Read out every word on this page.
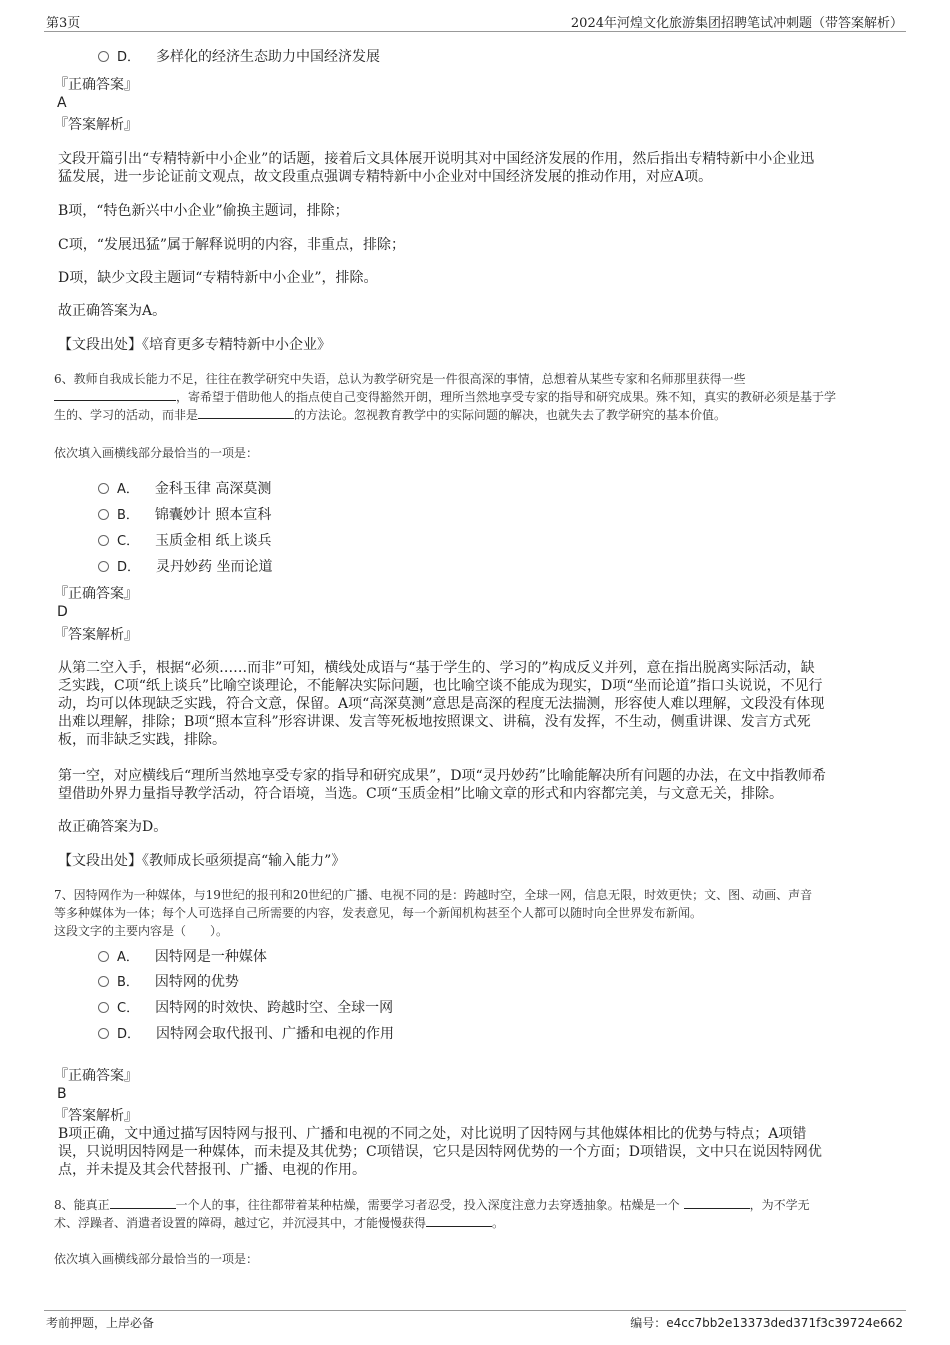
第3页	2024年河煌文化旅游集团招聘笔试冲刺题（带答案解析）
D． 多样化的经济生态助力中国经济发展
『正确答案』
A
『答案解析』
文段开篇引出“专精特新中小企业”的话题，接着后文具体展开说明其对中国经济发展的作用，然后指出专精特新中小企业迅
猛发展，进一步论证前文观点，故文段重点强调专精特新中小企业对中国经济发展的推动作用，对应A项。
B项，“特色新兴中小企业”偷换主题词，排除；
C项，“发展迅猛”属于解释说明的内容，非重点，排除；
D项，缺少文段主题词“专精特新中小企业”，排除。
故正确答案为A。
【文段出处】《培育更多专精特新中小企业》
6、教师自我成长能力不足，往往在教学研究中失语，总认为教学研究是一件很高深的事情，总想着从某些专家和名师那里获得一些
，寄希望于借助他人的指点使自己变得豁然开朗，理所当然地享受专家的指导和研究成果。殊不知，真实的教研必须是基于学
生的、学习的活动，而非是	的方法论。忽视教育教学中的实际问题的解决，也就失去了教学研究的基本价值。
依次填入画横线部分最恰当的一项是：
A． 金科玉律 高深莫测
B． 锦囊妙计 照本宣科
C． 玉质金相 纸上谈兵
D． 灵丹妙药 坐而论道
『正确答案』
D
『答案解析』
从第二空入手，根据“必须……而非”可知，横线处成语与“基于学生的、学习的”构成反义并列，意在指出脱离实际活动，缺
乏实践，C项“纸上谈兵”比喻空谈理论，不能解决实际问题，也比喻空谈不能成为现实，D项“坐而论道”指口头说说，不见行
动，均可以体现缺乏实践，符合文意，保留。A项“高深莫测”意思是高深的程度无法揣测，形容使人难以理解，文段没有体现
出难以理解，排除；B项“照本宣科”形容讲课、发言等死板地按照课文、讲稿，没有发挥，不生动，侧重讲课、发言方式死
板，而非缺乏实践，排除。
第一空，对应横线后“理所当然地享受专家的指导和研究成果”，D项“灵丹妙药”比喻能解决所有问题的办法，在文中指教师希
望借助外界力量指导教学活动，符合语境，当选。C项“玉质金相”比喻文章的形式和内容都完美，与文意无关，排除。
故正确答案为D。
【文段出处】《教师成长亟须提高“输入能力”》
7、因特网作为一种媒体，与19世纪的报刊和20世纪的广播、电视不同的是：跨越时空，全球一网，信息无限，时效更快；文、图、动画、声音
等多种媒体为一体；每个人可选择自己所需要的内容，发表意见，每一个新闻机构甚至个人都可以随时向全世界发布新闻。
这段文字的主要内容是（　　）。
A． 因特网是一种媒体
B． 因特网的优势
C． 因特网的时效快、跨越时空、全球一网
D． 因特网会取代报刊、广播和电视的作用
『正确答案』
B
『答案解析』
B项正确，文中通过描写因特网与报刊、广播和电视的不同之处，对比说明了因特网与其他媒体相比的优势与特点；A项错
误，只说明因特网是一种媒体，而未提及其优势；C项错误，它只是因特网优势的一个方面；D项错误，文中只在说因特网优
点，并未提及其会代替报刊、广播、电视的作用。
8、能真正	一个人的事，往往都带着某种枯燥，需要学习者忍受，投入深度注意力去穿透抽象。枯燥是一个	，为不学无
术、浮躁者、消遣者设置的障碍，越过它，并沉浸其中，才能慢慢获得	。
依次填入画横线部分最恰当的一项是：
考前押题，上岸必备	编号：e4cc7bb2e13373ded371f3c39724e662
